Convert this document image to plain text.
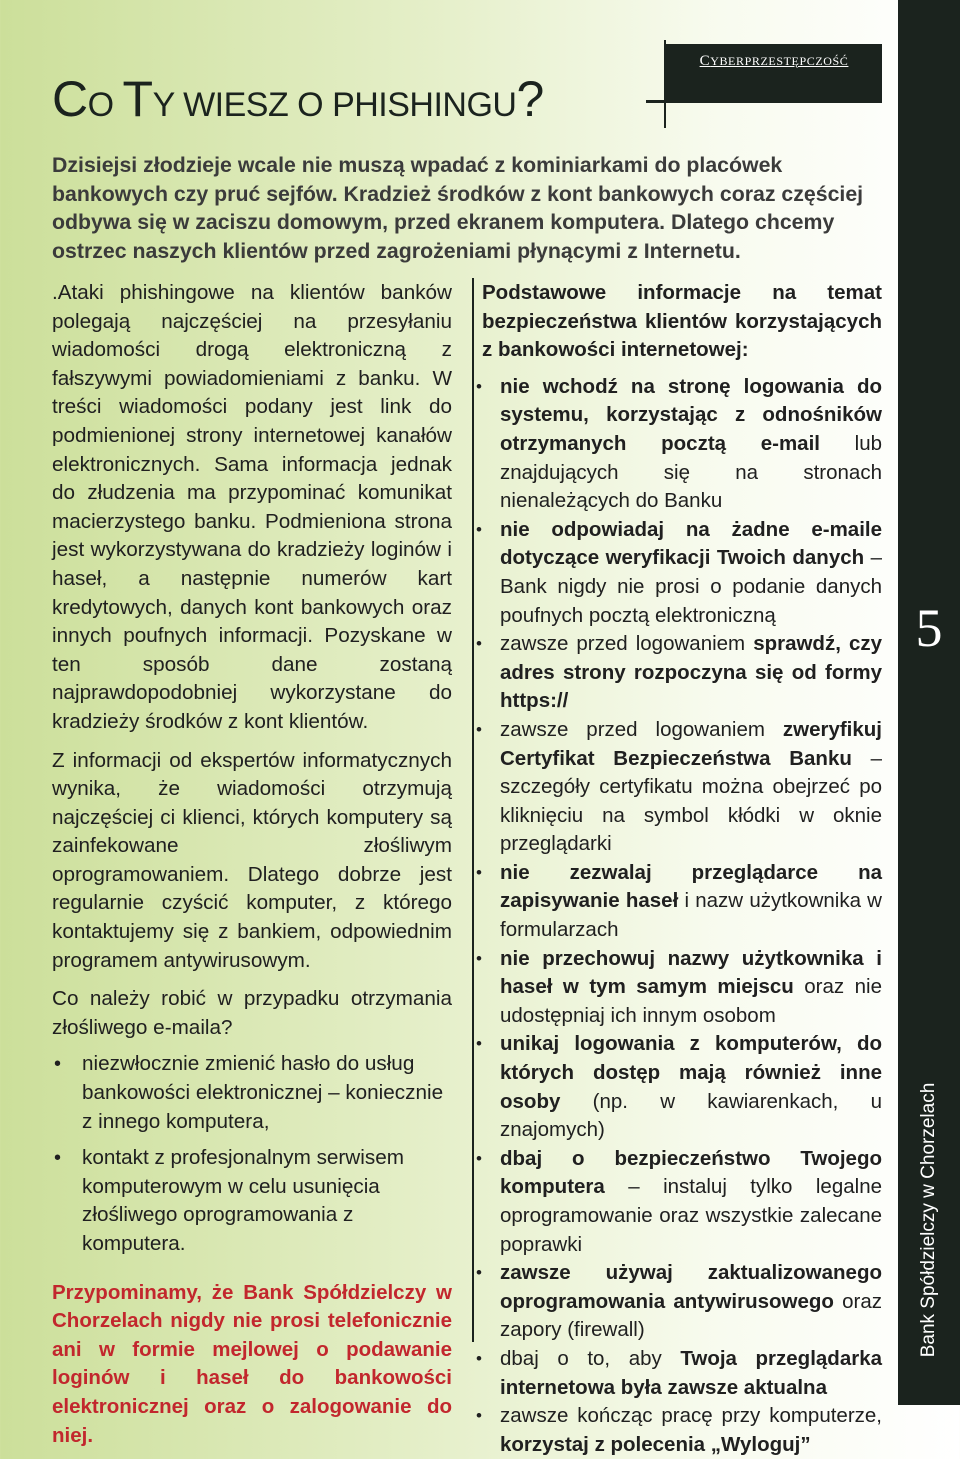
5
Bank Spółdzielczy w Chorzelach
CYBERPRZESTĘPCZOŚĆ
CO TY WIESZ O PHISHINGU?

Dzisiejsi złodzieje wcale nie muszą wpadać z kominiarkami do placówek bankowych czy pruć sejfów. Kradzież środków z kont bankowych coraz częściej odbywa się w zaciszu domowym, przed ekranem komputera. Dlatego chcemy ostrzec naszych klientów przed zagrożeniami płynącymi z Internetu.

.Ataki phishingowe na klientów banków polegają najczęściej na przesyłaniu wiadomości drogą elektroniczną z fałszywymi powiadomieniami z banku. W treści wiadomości podany jest link do podmienionej strony internetowej kanałów elektronicznych. Sama informacja jednak do złudzenia ma przypominać komunikat macierzystego banku. Podmieniona strona jest wykorzystywana do kradzieży loginów i haseł, a następnie numerów kart kredytowych, danych kont bankowych oraz innych poufnych informacji. Pozyskane w ten sposób dane zostaną najprawdopodobniej wykorzystane do kradzieży środków z kont klientów.

Z informacji od ekspertów informatycznych wynika, że wiadomości otrzymują najczęściej ci klienci, których komputery są zainfekowane złośliwym oprogramowaniem. Dlatego dobrze jest regularnie czyścić komputer, z którego kontaktujemy się z bankiem, odpowiednim programem antywirusowym.

Co należy robić w przypadku otrzymania złośliwego e-maila?

• niezwłocznie zmienić hasło do usług bankowości elektronicznej – koniecznie z innego komputera,
• kontakt z profesjonalnym serwisem komputerowym w celu usunięcia złośliwego oprogramowania z komputera.

Przypominamy, że Bank Spółdzielczy w Chorzelach nigdy nie prosi telefonicznie ani w formie mejlowej o podawanie loginów i haseł do bankowości elektronicznej oraz o zalogowanie do niej.

Podstawowe informacje na temat bezpieczeństwa klientów korzystających z bankowości internetowej:

• nie wchodź na stronę logowania do systemu, korzystając z odnośników otrzymanych pocztą e-mail lub znajdujących się na stronach nienależących do Banku
• nie odpowiadaj na żadne e-maile dotyczące weryfikacji Twoich danych – Bank nigdy nie prosi o podanie danych poufnych pocztą elektroniczną
• zawsze przed logowaniem sprawdź, czy adres strony rozpoczyna się od formy https://
• zawsze przed logowaniem zweryfikuj Certyfikat Bezpieczeństwa Banku – szczegóły certyfikatu można obejrzeć po kliknięciu na symbol kłódki w oknie przeglądarki
• nie zezwalaj przeglądarce na zapisywanie haseł i nazw użytkownika w formularzach
• nie przechowuj nazwy użytkownika i haseł w tym samym miejscu oraz nie udostępniaj ich innym osobom
• unikaj logowania z komputerów, do których dostęp mają również inne osoby (np. w kawiarenkach, u znajomych)
• dbaj o bezpieczeństwo Twojego komputera – instaluj tylko legalne oprogramowanie oraz wszystkie zalecane poprawki
• zawsze używaj zaktualizowanego oprogramowania antywirusowego oraz zapory (firewall)
• dbaj o to, aby Twoja przeglądarka internetowa była zawsze aktualna
• zawsze kończąc pracę przy komputerze, korzystaj z polecenia „Wyloguj”
